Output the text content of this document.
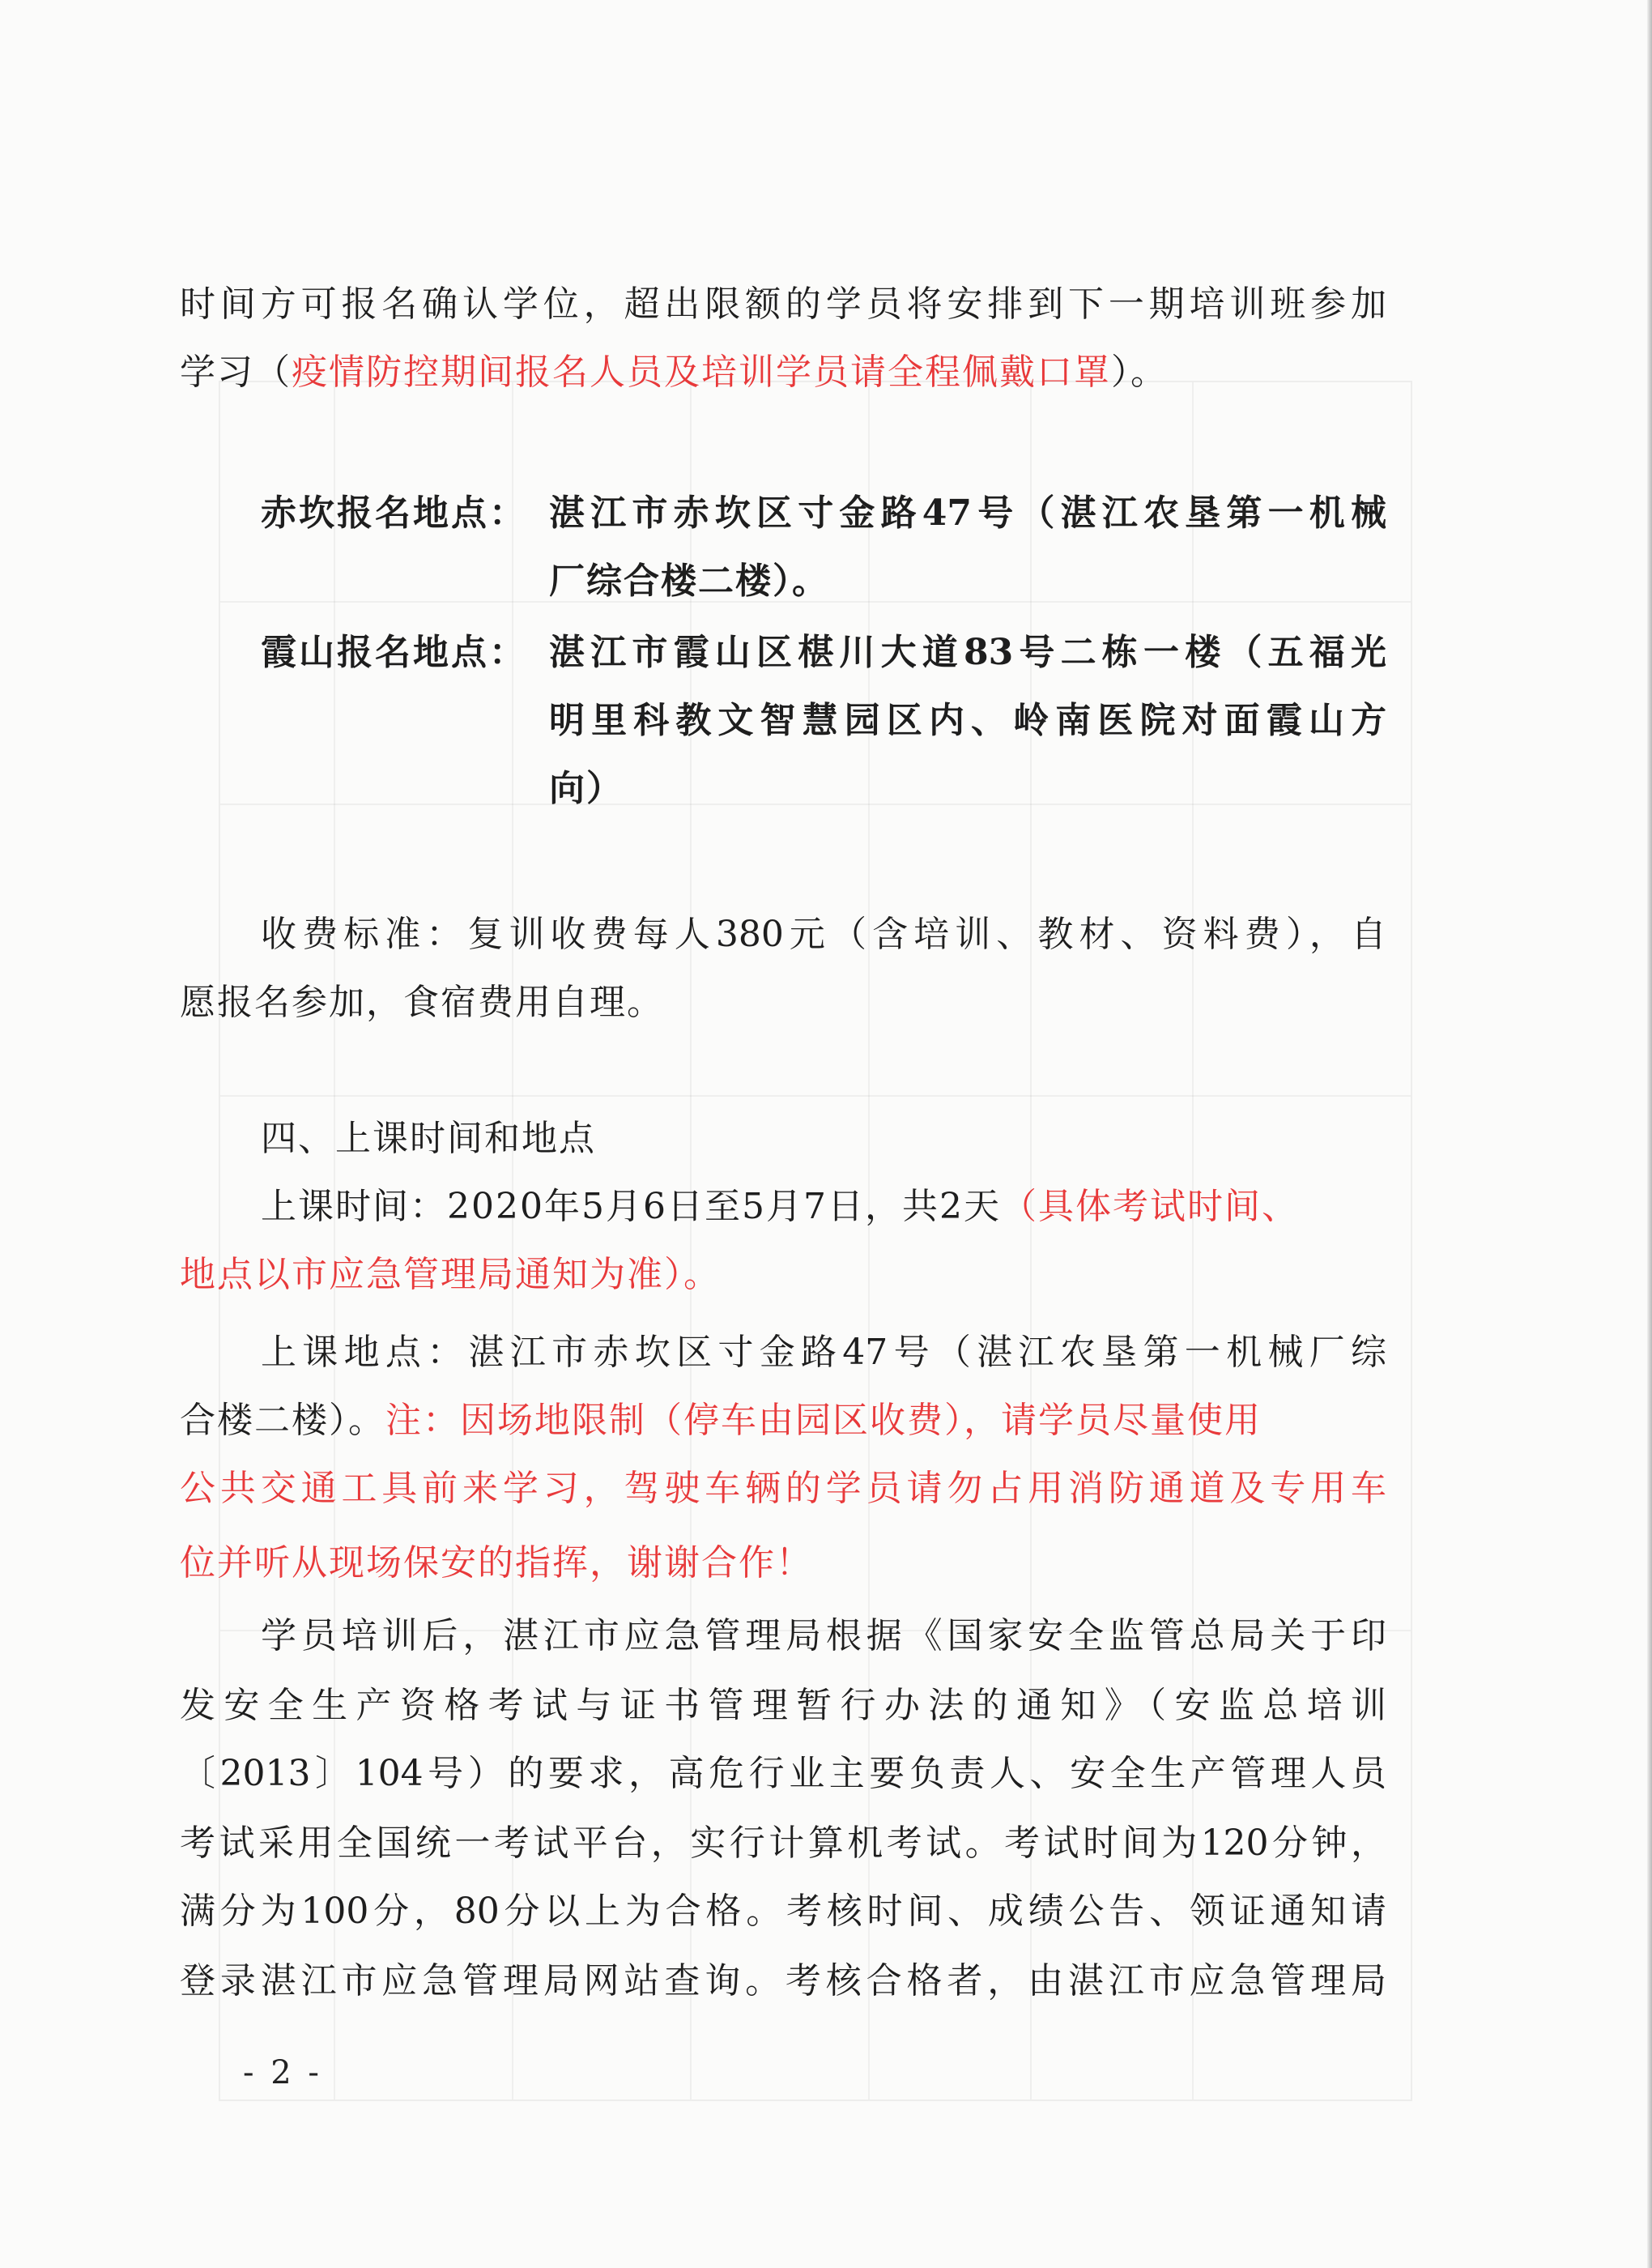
时间方可报名确认学位，超出限额的学员将安排到下一期培训班参加
学习（疫情防控期间报名人员及培训学员请全程佩戴口罩）。
赤坎报名地点： 湛江市赤坎区寸金路47号（湛江农垦第一机械
厂综合楼二楼）。
霞山报名地点： 湛江市霞山区椹川大道83号二栋一楼（五福光
明里科教文智慧园区内、岭南医院对面霞山方
向）
收费标准：复训收费每人380元（含培训、教材、资料费），自
愿报名参加，食宿费用自理。
四、上课时间和地点
上课时间：2020年5月6日至5月7日，共2天（具体考试时间、
地点以市应急管理局通知为准）。
上课地点：湛江市赤坎区寸金路47号（湛江农垦第一机械厂综
合楼二楼）。注：因场地限制（停车由园区收费），请学员尽量使用
公共交通工具前来学习，驾驶车辆的学员请勿占用消防通道及专用车
位并听从现场保安的指挥，谢谢合作！
学员培训后，湛江市应急管理局根据《国家安全监管总局关于印
发安全生产资格考试与证书管理暂行办法的通知》（安监总培训
〔2013〕104号）的要求，高危行业主要负责人、安全生产管理人员
考试采用全国统一考试平台，实行计算机考试。考试时间为120分钟，
满分为100分，80分以上为合格。考核时间、成绩公告、领证通知请
登录湛江市应急管理局网站查询。考核合格者，由湛江市应急管理局
- 2 -
